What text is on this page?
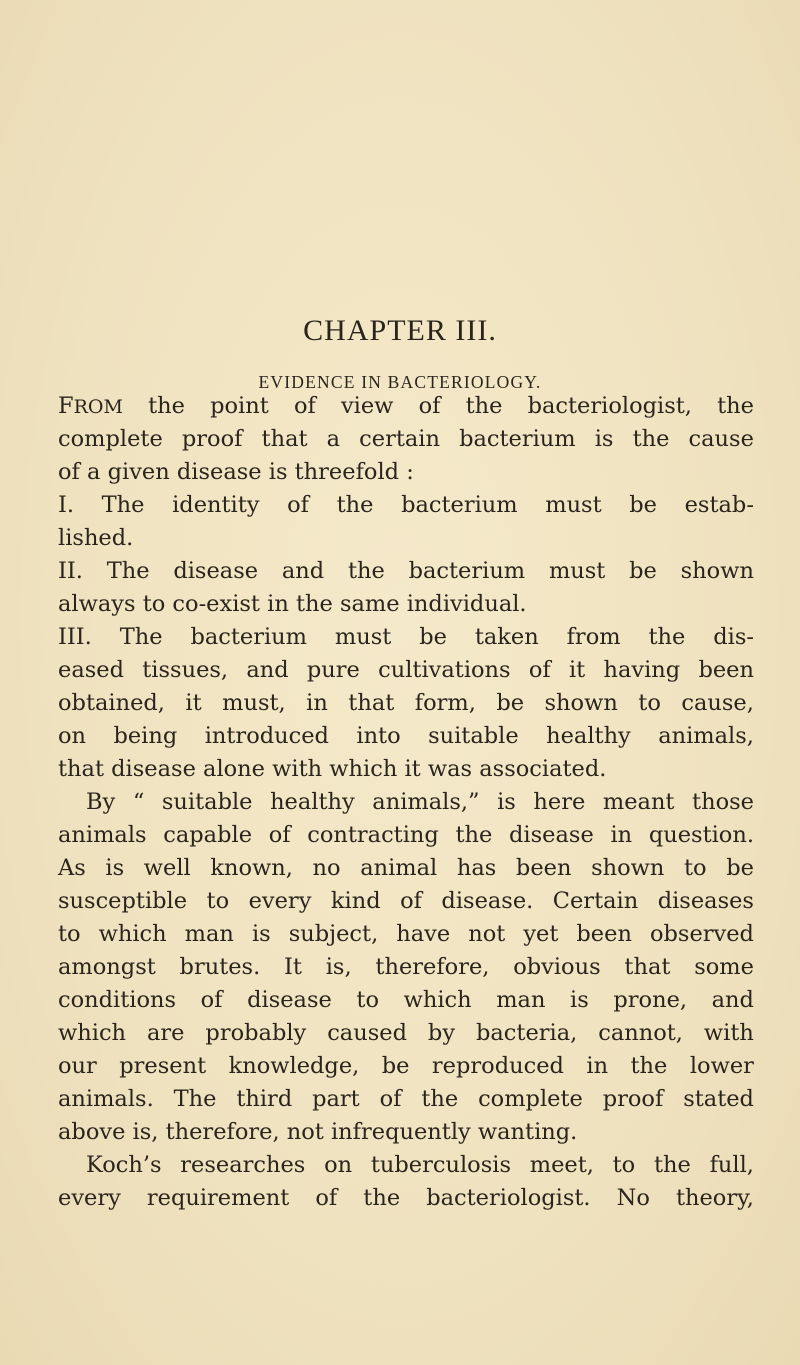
CHAPTER III.
EVIDENCE IN BACTERIOLOGY.
FROM the point of view of the bacteriologist, the
complete proof that a certain bacterium is the cause
of a given disease is threefold :
I. The identity of the bacterium must be estab-
lished.
II. The disease and the bacterium must be shown
always to co-exist in the same individual.
III. The bacterium must be taken from the dis-
eased tissues, and pure cultivations of it having been
obtained, it must, in that form, be shown to cause,
on being introduced into suitable healthy animals,
that disease alone with which it was associated.
By “ suitable healthy animals,” is here meant those
animals capable of contracting the disease in question.
As is well known, no animal has been shown to be
susceptible to every kind of disease. Certain diseases
to which man is subject, have not yet been observed
amongst brutes. It is, therefore, obvious that some
conditions of disease to which man is prone, and
which are probably caused by bacteria, cannot, with
our present knowledge, be reproduced in the lower
animals. The third part of the complete proof stated
above is, therefore, not infrequently wanting.
Koch’s researches on tuberculosis meet, to the full,
every requirement of the bacteriologist. No theory,
